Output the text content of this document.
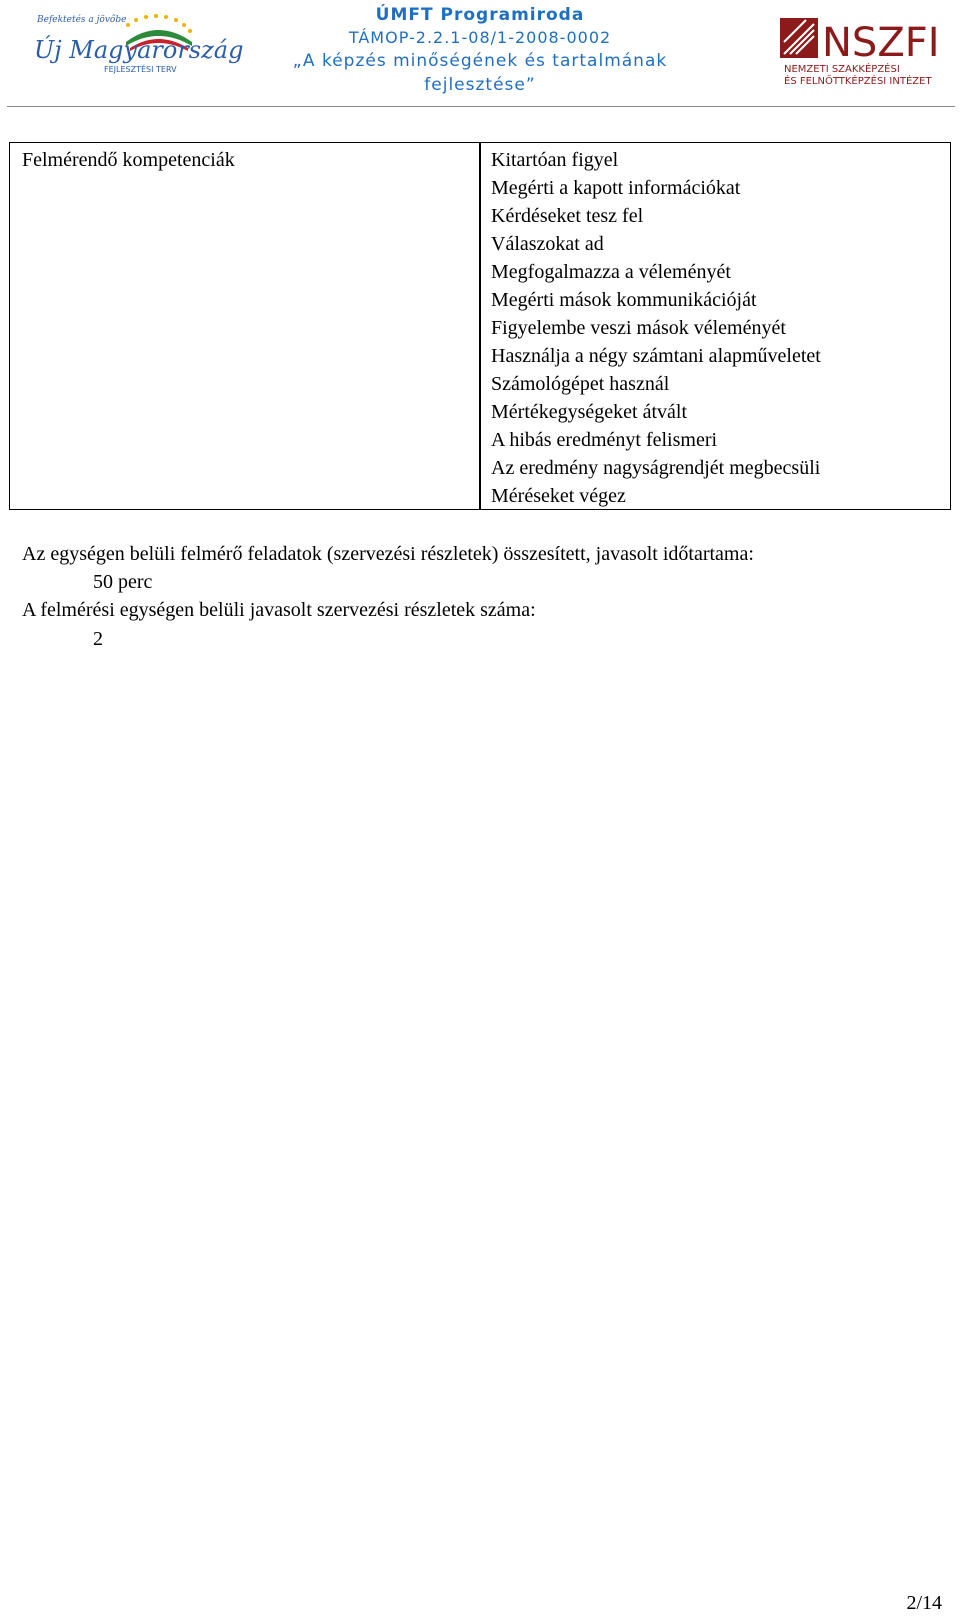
Befektetés a jövőbe
Új Magyarország
FEJLESZTÉSI TERV
ÚMFT Programiroda
TÁMOP-2.2.1-08/1-2008-0002
„A képzés minőségének és tartalmának
fejlesztése”
NSZFI
NEMZETI SZAKKÉPZÉSI
ÉS FELNŐTTKÉPZÉSI INTÉZET
Felmérendő kompetenciák	Kitartóan figyel
Megérti a kapott információkat
Kérdéseket tesz fel
Válaszokat ad
Megfogalmazza a véleményét
Megérti mások kommunikációját
Figyelembe veszi mások véleményét
Használja a négy számtani alapműveletet
Számológépet használ
Mértékegységeket átvált
A hibás eredményt felismeri
Az eredmény nagyságrendjét megbecsüli
Méréseket végez
Az egységen belüli felmérő feladatok (szervezési részletek) összesített, javasolt időtartama:
50 perc
A felmérési egységen belüli javasolt szervezési részletek száma:
2
2/14
